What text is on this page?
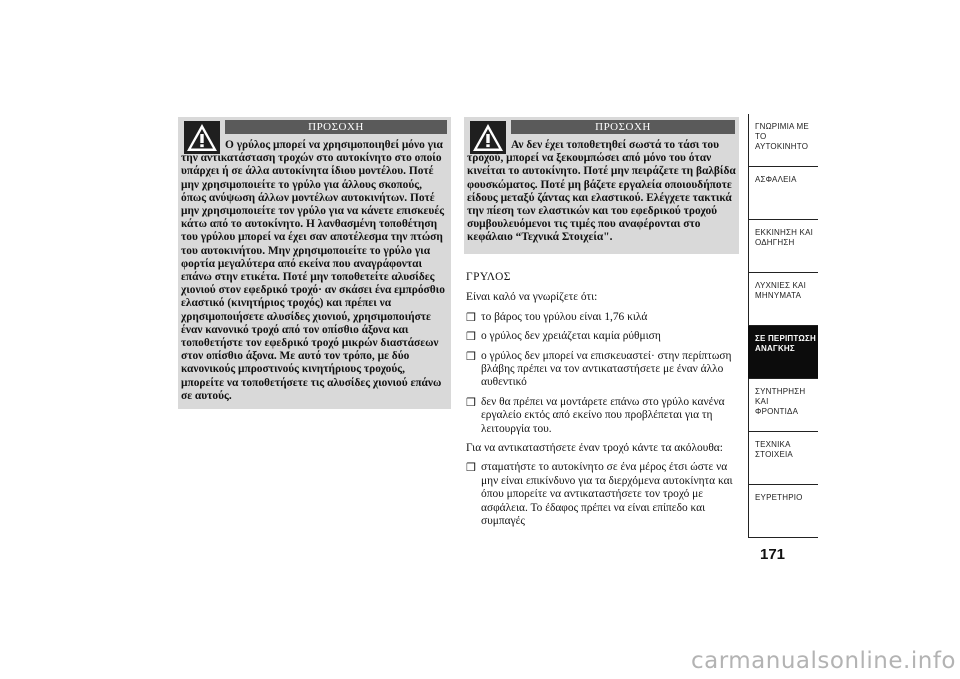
ΠΡΟΣΟΧΗ
Ο γρύλος μπορεί να χρησιμοποιηθεί μόνο για την αντικατάσταση τροχών στο αυτοκίνητο στο οποίο υπάρχει ή σε άλλα αυτοκίνητα ίδιου μοντέλου. Ποτέ μην χρησιμοποιείτε το γρύλο για άλλους σκοπούς, όπως ανύψωση άλλων μοντέλων αυτοκινήτων. Ποτέ μην χρησιμοποιείτε τον γρύλο για να κάνετε επισκευές κάτω από το αυτοκίνητο. Η λανθασμένη τοποθέτηση του γρύλου μπορεί να έχει σαν αποτέλεσμα την πτώση του αυτοκινήτου. Μην χρησιμοποιείτε το γρύλο για φορτία μεγαλύτερα από εκείνα που αναγράφονται επάνω στην ετικέτα. Ποτέ μην τοποθετείτε αλυσίδες χιονιού στον εφεδρικό τροχό· αν σκάσει ένα εμπρόσθιο ελαστικό (κινητήριος τροχός) και πρέπει να χρησιμοποιήσετε αλυσίδες χιονιού, χρησιμοποιήστε έναν κανονικό τροχό από τον οπίσθιο άξονα και τοποθετήστε τον εφεδρικό τροχό μικρών διαστάσεων στον οπίσθιο άξονα. Με αυτό τον τρόπο, με δύο κανονικούς μπροστινούς κινητήριους τροχούς, μπορείτε να τοποθετήσετε τις αλυσίδες χιονιού επάνω σε αυτούς.
ΠΡΟΣΟΧΗ
Αν δεν έχει τοποθετηθεί σωστά το τάσι του τροχού, μπορεί να ξεκουμπώσει από μόνο του όταν κινείται το αυτοκίνητο. Ποτέ μην πειράζετε τη βαλβίδα φουσκώματος. Ποτέ μη βάζετε εργαλεία οποιουδήποτε είδους μεταξύ ζάντας και ελαστικού. Ελέγχετε τακτικά την πίεση των ελαστικών και του εφεδρικού τροχού συμβουλευόμενοι τις τιμές που αναφέρονται στο κεφάλαιο “Τεχνικά Στοιχεία".
ΓΡΥΛΟΣ

Είναι καλό να γνωρίζετε ότι:

❒ το βάρος του γρύλου είναι 1,76 κιλά
❒ ο γρύλος δεν χρειάζεται καμία ρύθμιση
❒ ο γρύλος δεν μπορεί να επισκευαστεί· στην περίπτωση βλάβης πρέπει να τον αντικαταστήσετε με έναν άλλο αυθεντικό
❒ δεν θα πρέπει να μοντάρετε επάνω στο γρύλο κανένα εργαλείο εκτός από εκείνο που προβλέπεται για τη λειτουργία του.

Για να αντικαταστήσετε έναν τροχό κάντε τα ακόλουθα:

❒ σταματήστε το αυτοκίνητο σε ένα μέρος έτσι ώστε να μην είναι επικίνδυνο για τα διερχόμενα αυτοκίνητα και όπου μπορείτε να αντικαταστήσετε τον τροχό με ασφάλεια. Το έδαφος πρέπει να είναι επίπεδο και συμπαγές
ΓΝΩΡΙΜΙΑ ΜΕ ΤΟ
ΑΥΤΟΚΙΝΗΤΟ
ΑΣΦΑΛΕΙΑ
ΕΚΚΙΝΗΣΗ ΚΑΙ
ΟΔΗΓΗΣΗ
ΛΥΧΝΙΕΣ ΚΑΙ
ΜΗΝΥΜΑΤΑ
ΣΕ ΠΕΡΙΠΤΩΣΗ
ΑΝΑΓΚΗΣ
ΣΥΝΤΗΡΗΣΗ ΚΑΙ
ΦΡΟΝΤΙΔΑ
ΤΕΧΝΙΚΑ ΣΤΟΙΧΕΙΑ
ΕΥΡΕΤΗΡΙΟ
171
carmanualsonline.info
